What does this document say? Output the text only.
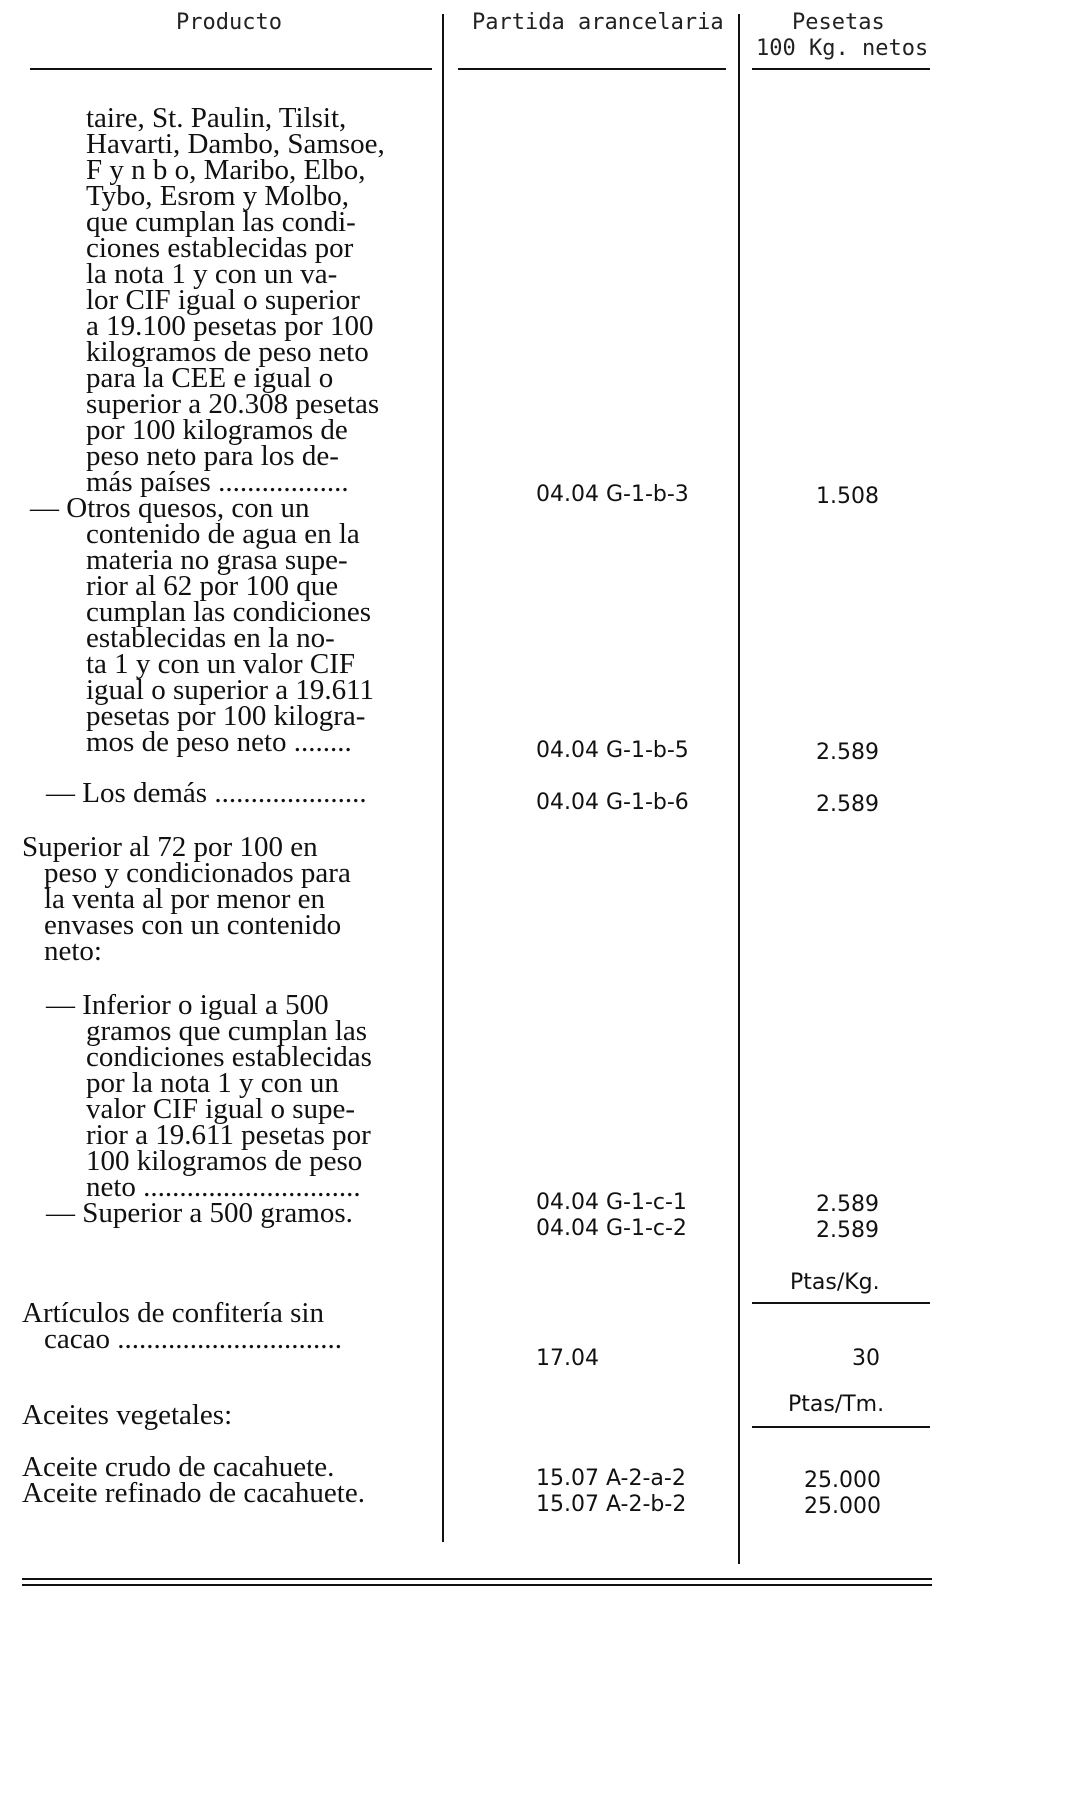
Producto	Partida arancelaria	Pesetas
100 Kg. netos
taire, St. Paulin, Tilsit,
Havarti, Dambo, Samsoe,
F y n b o, Maribo, Elbo,
Tybo, Esrom y Molbo,
que cumplan las condi-
ciones establecidas por
la nota 1 y con un va-
lor CIF igual o superior
a 19.100 pesetas por 100
kilogramos de peso neto
para la CEE e igual o
superior a 20.308 pesetas
por 100 kilogramos de
peso neto para los de-
más países ..................
— Otros quesos, con un
contenido de agua en la
materia no grasa supe-
rior al 62 por 100 que
cumplan las condiciones
establecidas en la no-
ta 1 y con un valor CIF
igual o superior a 19.611
pesetas por 100 kilogra-
mos de peso neto ........
— Los demás .....................
Superior al 72 por 100 en
peso y condicionados para
la venta al por menor en
envases con un contenido
neto:
— Inferior o igual a 500
gramos que cumplan las
condiciones establecidas
por la nota 1 y con un
valor CIF igual o supe-
rior a 19.611 pesetas por
100 kilogramos de peso
neto ..............................
— Superior a 500 gramos.
Artículos de confitería sin
cacao ...............................
Aceites vegetales:
Aceite crudo de cacahuete.
Aceite refinado de cacahuete.
04.04 G-1-b-3
04.04 G-1-b-5
04.04 G-1-b-6
04.04 G-1-c-1
04.04 G-1-c-2
17.04
15.07 A-2-a-2
15.07 A-2-b-2
1.508
2.589
2.589
2.589
2.589
30
25.000
25.000
Ptas/Kg.
Ptas/Tm.
